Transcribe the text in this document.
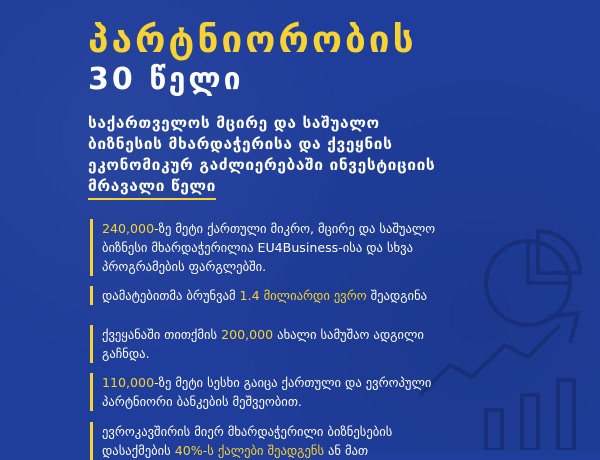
პარტნიორობის
30 წელი
საქართველოს მცირე და საშუალო
ბიზნესის მხარდაჭერისა და ქვეყნის
ეკონომიკურ გაძლიერებაში ინვესტიციის
მრავალი წელი
240,000-ზე მეტი ქართული მიკრო, მცირე და საშუალო
ბიზნესი მხარდაჭერილია EU4Business-ისა და სხვა
პროგრამების ფარგლებში.
დამატებითმა ბრუნვამ 1.4 მილიარდი ევრო შეადგინა
ქვეყანაში თითქმის 200,000 ახალი სამუშაო ადგილი
გაჩნდა.
110,000-ზე მეტი სესხი გაიცა ქართული და ევროპული
პარტნიორი ბანკების მეშვეობით.
ევროკავშირის მიერ მხარდაჭერილი ბიზნესების
დასაქმების 40%-ს ქალები შეადგენს ან მათ
